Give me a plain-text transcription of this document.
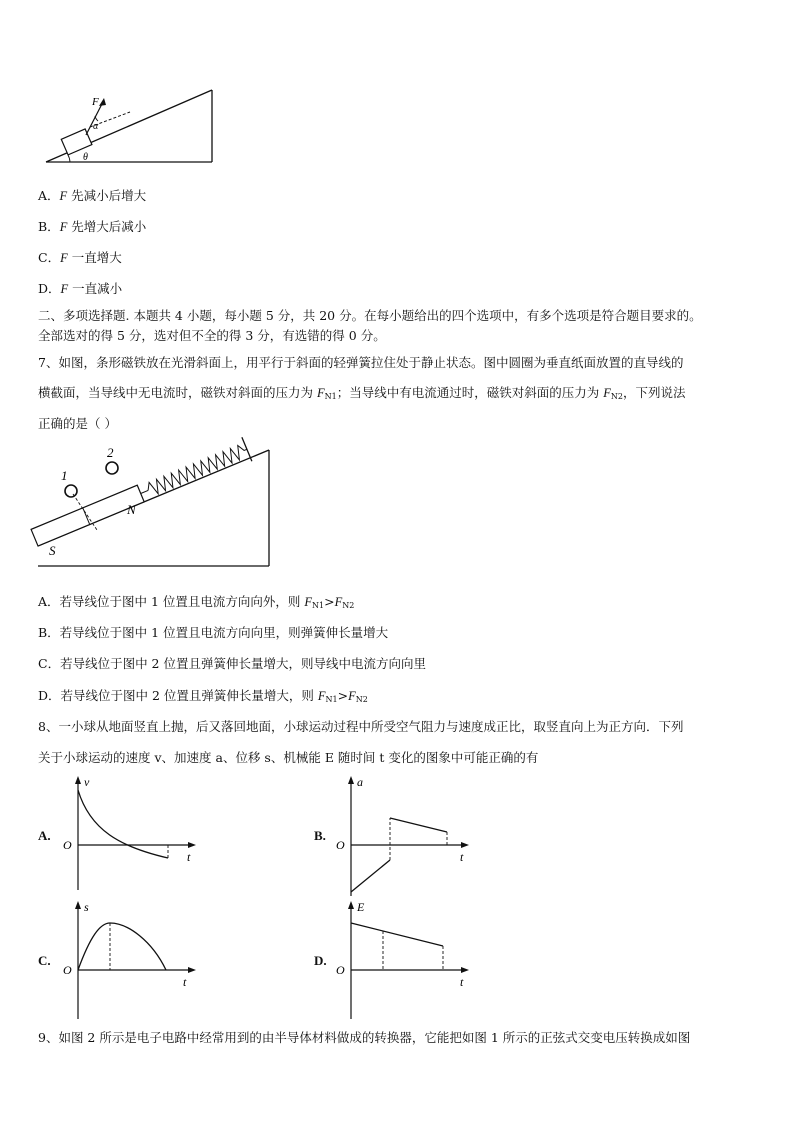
F
α
θ
A．F 先减小后增大
B．F 先增大后减小
C．F 一直增大
D．F 一直减小
二、多项选择题. 本题共 4 小题，每小题 5 分，共 20 分。在每小题给出的四个选项中，有多个选项是符合题目要求的。
全部选对的得 5 分，选对但不全的得 3 分，有选错的得 0 分。
7、如图，条形磁铁放在光滑斜面上，用平行于斜面的轻弹簧拉住处于静止状态。图中圆圈为垂直纸面放置的直导线的
横截面，当导线中无电流时，磁铁对斜面的压力为 $F_{N1}$；当导线中有电流通过时，磁铁对斜面的压力为 $F_{N2}$，下列说法
正确的是（ ）
1
2
N
S
A．若导线位于图中 1 位置且电流方向向外，则 $F_{N1}>F_{N2}$
B．若导线位于图中 1 位置且电流方向向里，则弹簧伸长量增大
C．若导线位于图中 2 位置且弹簧伸长量增大，则导线中电流方向向里
D．若导线位于图中 2 位置且弹簧伸长量增大，则 $F_{N1}>F_{N2}$
8、一小球从地面竖直上抛，后又落回地面，小球运动过程中所受空气阻力与速度成正比，取竖直向上为正方向．下列
关于小球运动的速度 v、加速度 a、位移 s、机械能 E 随时间 t 变化的图象中可能正确的有
A.
v
O
t
B.
a
O
t
C.
s
O
t
D.
E
O
t
9、如图 2 所示是电子电路中经常用到的由半导体材料做成的转换器，它能把如图 1 所示的正弦式交变电压转换成如图
